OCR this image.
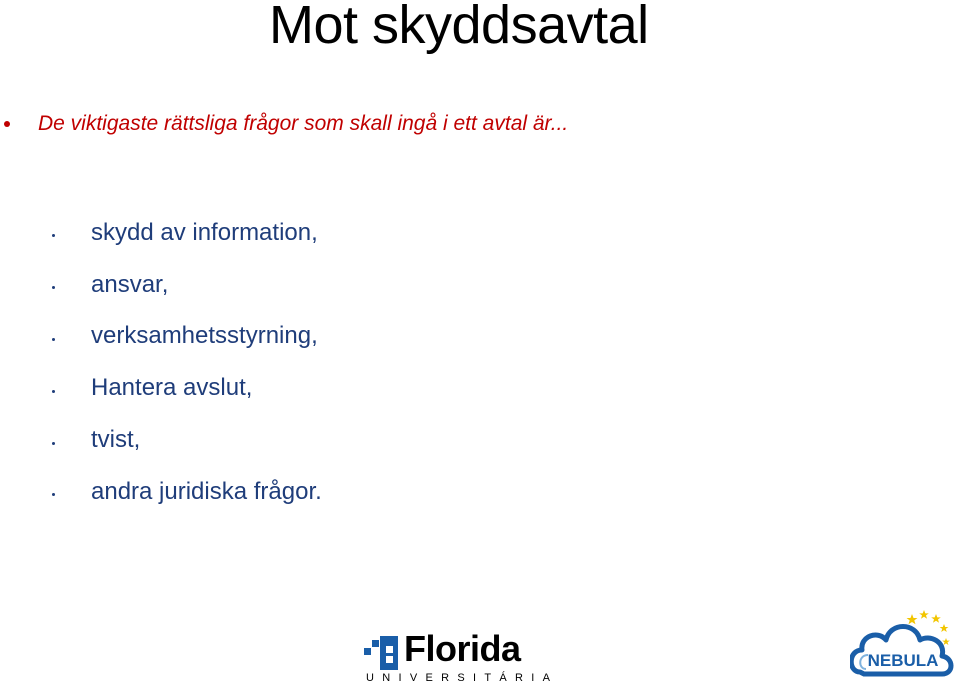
Mot skyddsavtal
De viktigaste rättsliga frågor som skall ingå i ett avtal är...
skydd av information,
ansvar,
verksamhetsstyrning,
Hantera avslut,
tvist,
andra juridiska frågor.
Florida
UNIVERSITÁRIA
NEBULA
